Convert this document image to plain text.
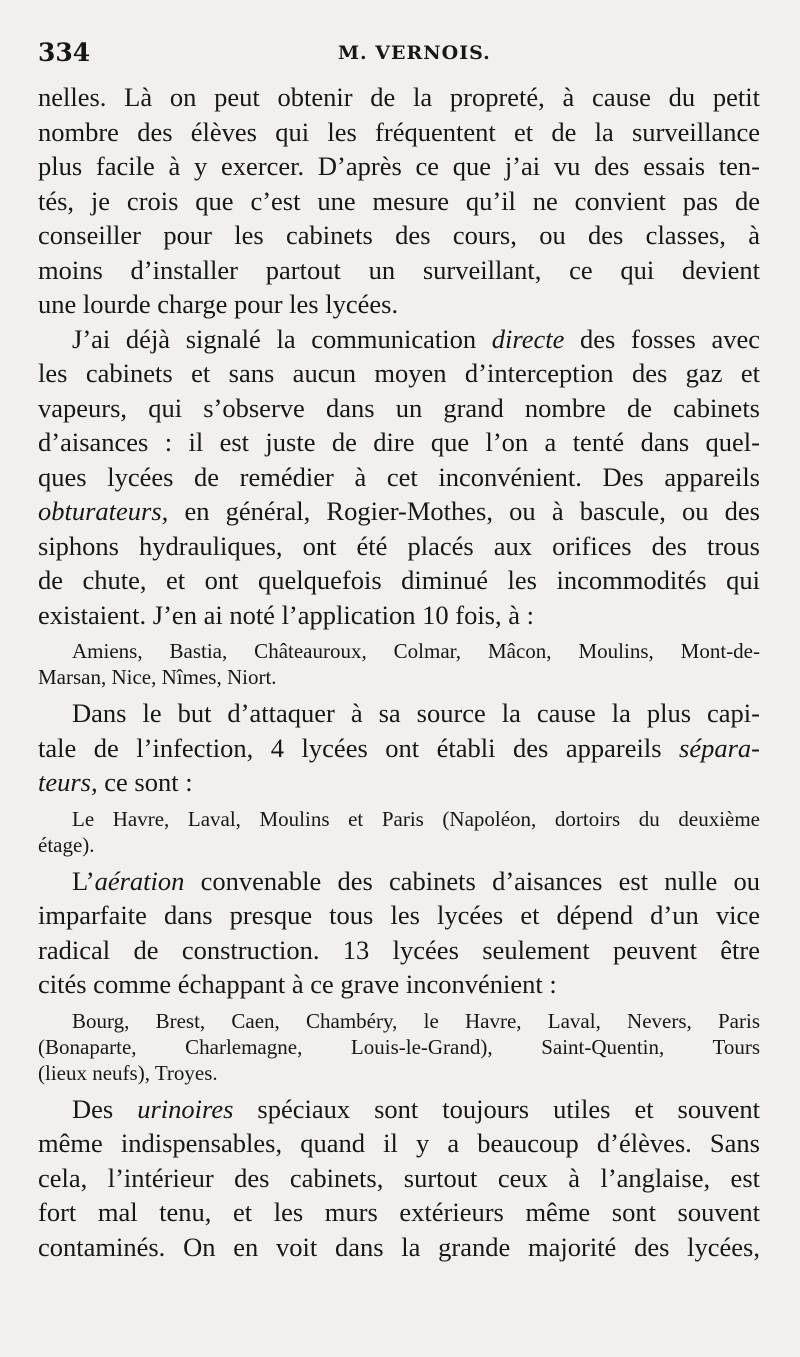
334	M. VERNOIS.
nelles. Là on peut obtenir de la propreté, à cause du petit
nombre des élèves qui les fréquentent et de la surveillance
plus facile à y exercer. D’après ce que j’ai vu des essais ten-
tés, je crois que c’est une mesure qu’il ne convient pas de
conseiller pour les cabinets des cours, ou des classes, à
moins d’installer partout un surveillant, ce qui devient
une lourde charge pour les lycées.
J’ai déjà signalé la communication directe des fosses avec
les cabinets et sans aucun moyen d’interception des gaz et
vapeurs, qui s’observe dans un grand nombre de cabinets
d’aisances : il est juste de dire que l’on a tenté dans quel-
ques lycées de remédier à cet inconvénient. Des appareils
obturateurs, en général, Rogier-Mothes, ou à bascule, ou des
siphons hydrauliques, ont été placés aux orifices des trous
de chute, et ont quelquefois diminué les incommodités qui
existaient. J’en ai noté l’application 10 fois, à :
Amiens, Bastia, Châteauroux, Colmar, Mâcon, Moulins, Mont-de-
Marsan, Nice, Nîmes, Niort.
Dans le but d’attaquer à sa source la cause la plus capi-
tale de l’infection, 4 lycées ont établi des appareils sépara-
teurs, ce sont :
Le Havre, Laval, Moulins et Paris (Napoléon, dortoirs du deuxième
étage).
L’aération convenable des cabinets d’aisances est nulle ou
imparfaite dans presque tous les lycées et dépend d’un vice
radical de construction. 13 lycées seulement peuvent être
cités comme échappant à ce grave inconvénient :
Bourg, Brest, Caen, Chambéry, le Havre, Laval, Nevers, Paris
(Bonaparte, Charlemagne, Louis-le-Grand), Saint-Quentin, Tours
(lieux neufs), Troyes.
Des urinoires spéciaux sont toujours utiles et souvent
même indispensables, quand il y a beaucoup d’élèves. Sans
cela, l’intérieur des cabinets, surtout ceux à l’anglaise, est
fort mal tenu, et les murs extérieurs même sont souvent
contaminés. On en voit dans la grande majorité des lycées,
